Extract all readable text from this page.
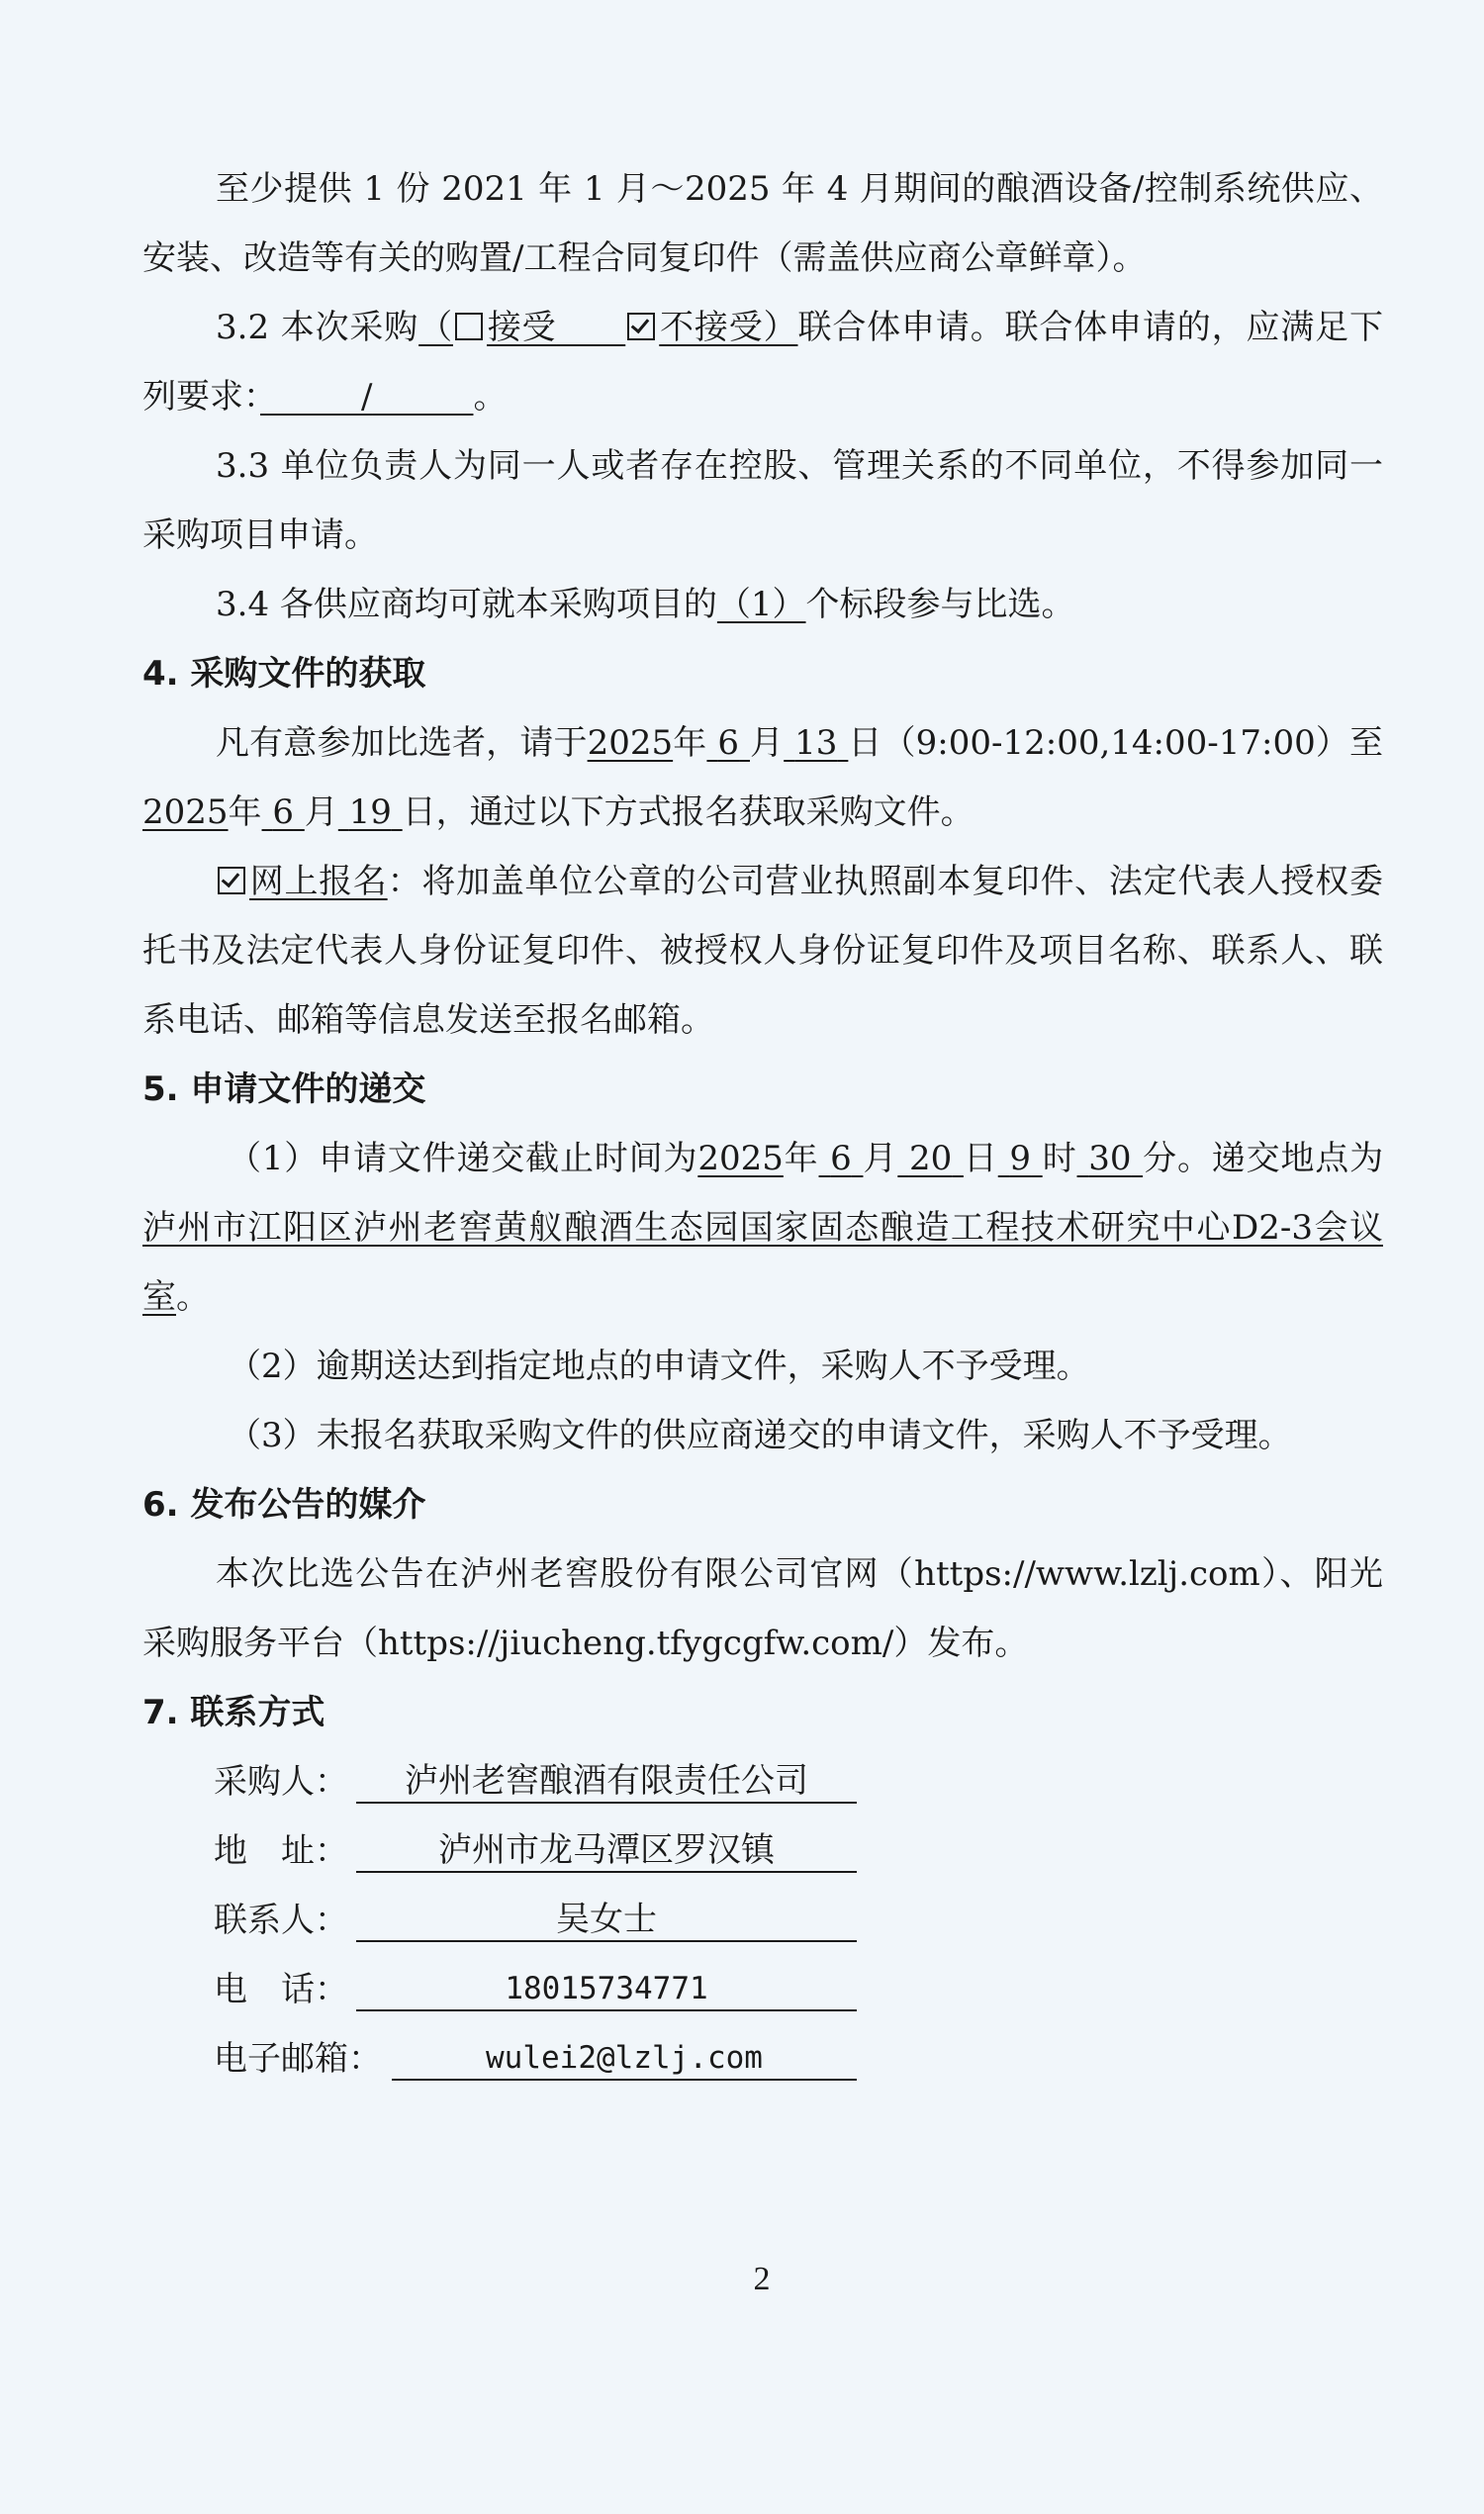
至少提供 1 份 2021 年 1 月～2025 年 4 月期间的酿酒设备/控制系统供应、安装、改造等有关的购置/工程合同复印件（需盖供应商公章鲜章）。

3.2 本次采购（ 接受　　	不接受）联合体申请。联合体申请的，应满足下列要求：　　　	/　　　	。

3.3 单位负责人为同一人或者存在控股、管理关系的不同单位，不得参加同一采购项目申请。

3.4 各供应商均可就本采购项目的（1）个标段参与比选。

4. 采购文件的获取

凡有意参加比选者，请于2025年 6 月 13 日（9:00-12:00,14:00-17:00）至2025年 6 月 19 日，通过以下方式报名获取采购文件。

网上报名：将加盖单位公章的公司营业执照副本复印件、法定代表人授权委托书及法定代表人身份证复印件、被授权人身份证复印件及项目名称、联系人、联系电话、邮箱等信息发送至报名邮箱。

5. 申请文件的递交

（1）申请文件递交截止时间为2025年 6 月 20 日 9 时 30 分。递交地点为泸州市江阳区泸州老窖黄舣酿酒生态园国家固态酿造工程技术研究中心D2-3会议室。

（2）逾期送达到指定地点的申请文件，采购人不予受理。

（3）未报名获取采购文件的供应商递交的申请文件，采购人不予受理。

6. 发布公告的媒介

本次比选公告在泸州老窖股份有限公司官网（https://www.lzlj.com）、阳光采购服务平台（https://jiucheng.tfygcgfw.com/）发布。

7. 联系方式

采购人：	泸州老窖酿酒有限责任公司
地　址：	泸州市龙马潭区罗汉镇
联系人：	吴女士
电　话：	18015734771
电子邮箱：	wulei2@lzlj.com
2
